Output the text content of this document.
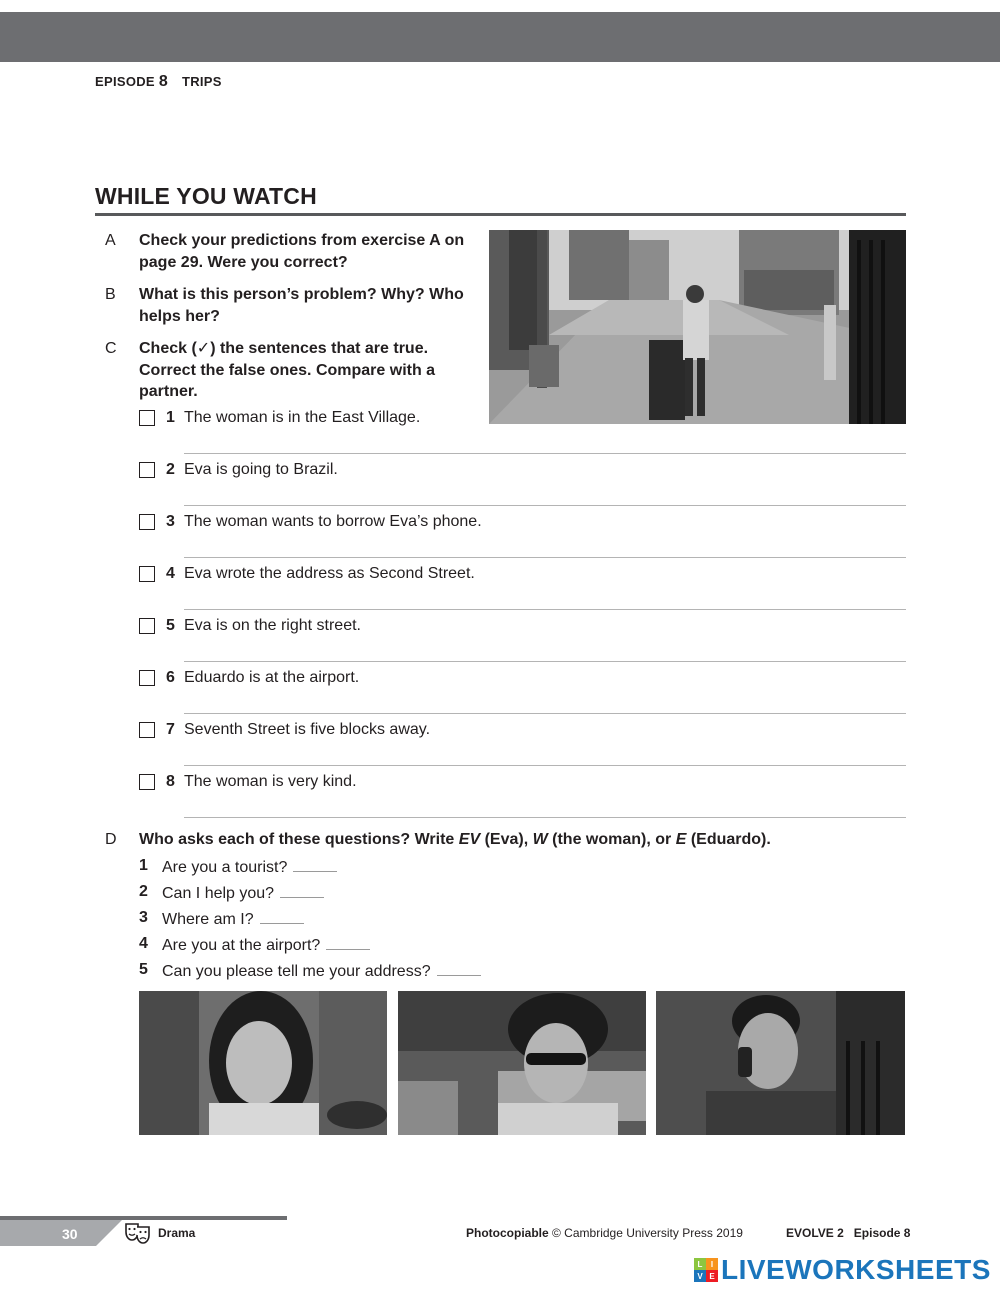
EPISODE 8 TRIPS
WHILE YOU WATCH
A Check your predictions from exercise A on
page 29. Were you correct?
B What is this person’s problem? Why? Who
helps her?
C Check (✓) the sentences that are true.
Correct the false ones. Compare with a
partner.
1 The woman is in the East Village.
2 Eva is going to Brazil.
3 The woman wants to borrow Eva’s phone.
4 Eva wrote the address as Second Street.
5 Eva is on the right street.
6 Eduardo is at the airport.
7 Seventh Street is five blocks away.
8 The woman is very kind.
D Who asks each of these questions? Write EV (Eva), W (the woman), or E (Eduardo).
1 Are you a tourist?
2 Can I help you?
3 Where am I?
4 Are you at the airport?
5 Can you please tell me your address?
30	Drama	Photocopiable © Cambridge University Press 2019	EVOLVE 2 Episode 8
L	I
V E LIVEWORKSHEETS
